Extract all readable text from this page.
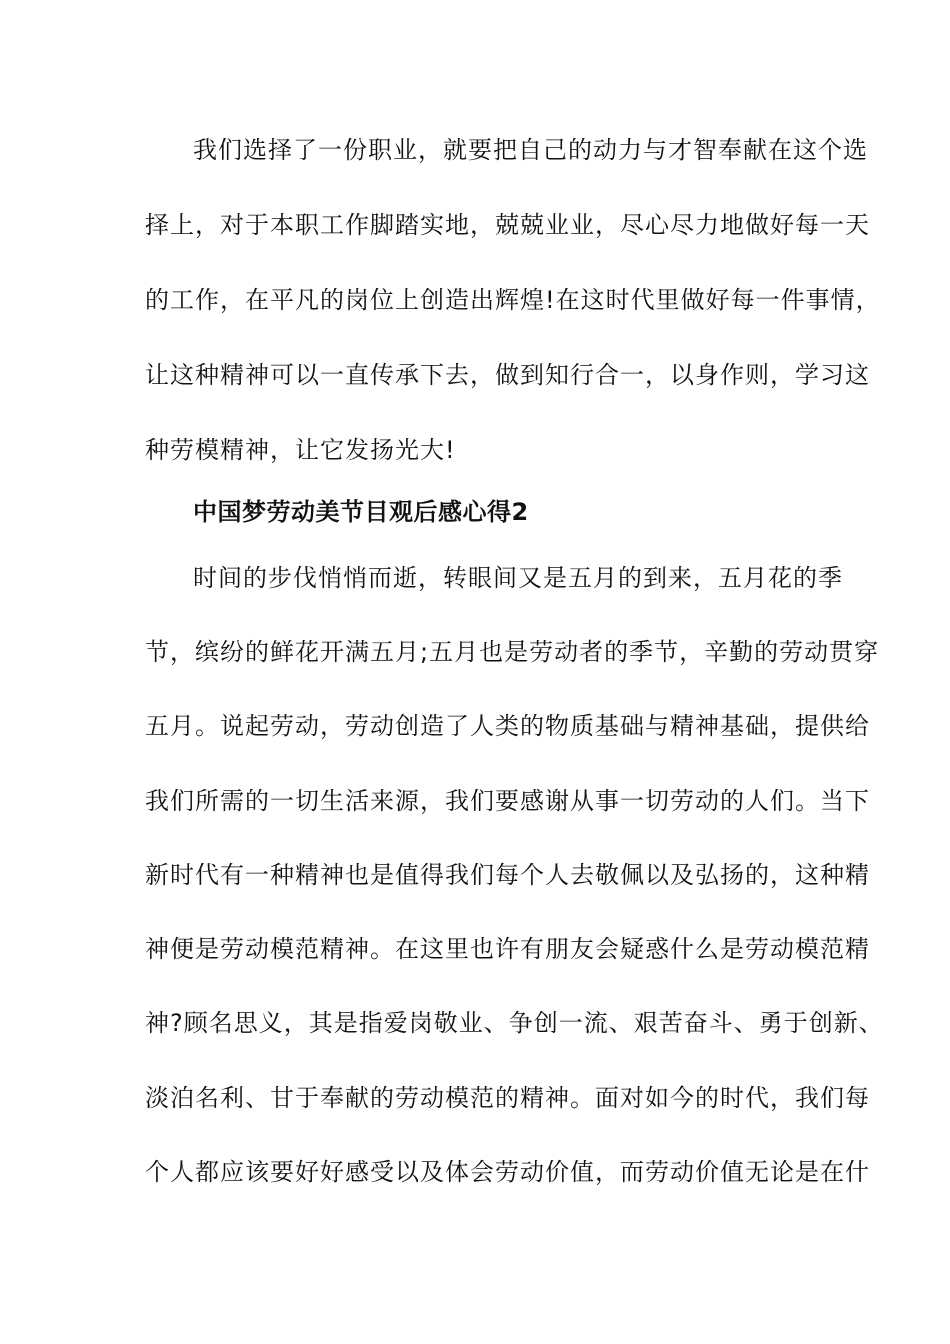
我们选择了一份职业，就要把自己的动力与才智奉献在这个选
择上，对于本职工作脚踏实地，兢兢业业，尽心尽力地做好每一天
的工作，在平凡的岗位上创造出辉煌!在这时代里做好每一件事情，
让这种精神可以一直传承下去，做到知行合一，以身作则，学习这
种劳模精神，让它发扬光大!
中国梦劳动美节目观后感心得2
时间的步伐悄悄而逝，转眼间又是五月的到来，五月花的季
节，缤纷的鲜花开满五月;五月也是劳动者的季节，辛勤的劳动贯穿
五月。说起劳动，劳动创造了人类的物质基础与精神基础，提供给
我们所需的一切生活来源，我们要感谢从事一切劳动的人们。当下
新时代有一种精神也是值得我们每个人去敬佩以及弘扬的，这种精
神便是劳动模范精神。在这里也许有朋友会疑惑什么是劳动模范精
神?顾名思义，其是指爱岗敬业、争创一流、艰苦奋斗、勇于创新、
淡泊名利、甘于奉献的劳动模范的精神。面对如今的时代，我们每
个人都应该要好好感受以及体会劳动价值，而劳动价值无论是在什
